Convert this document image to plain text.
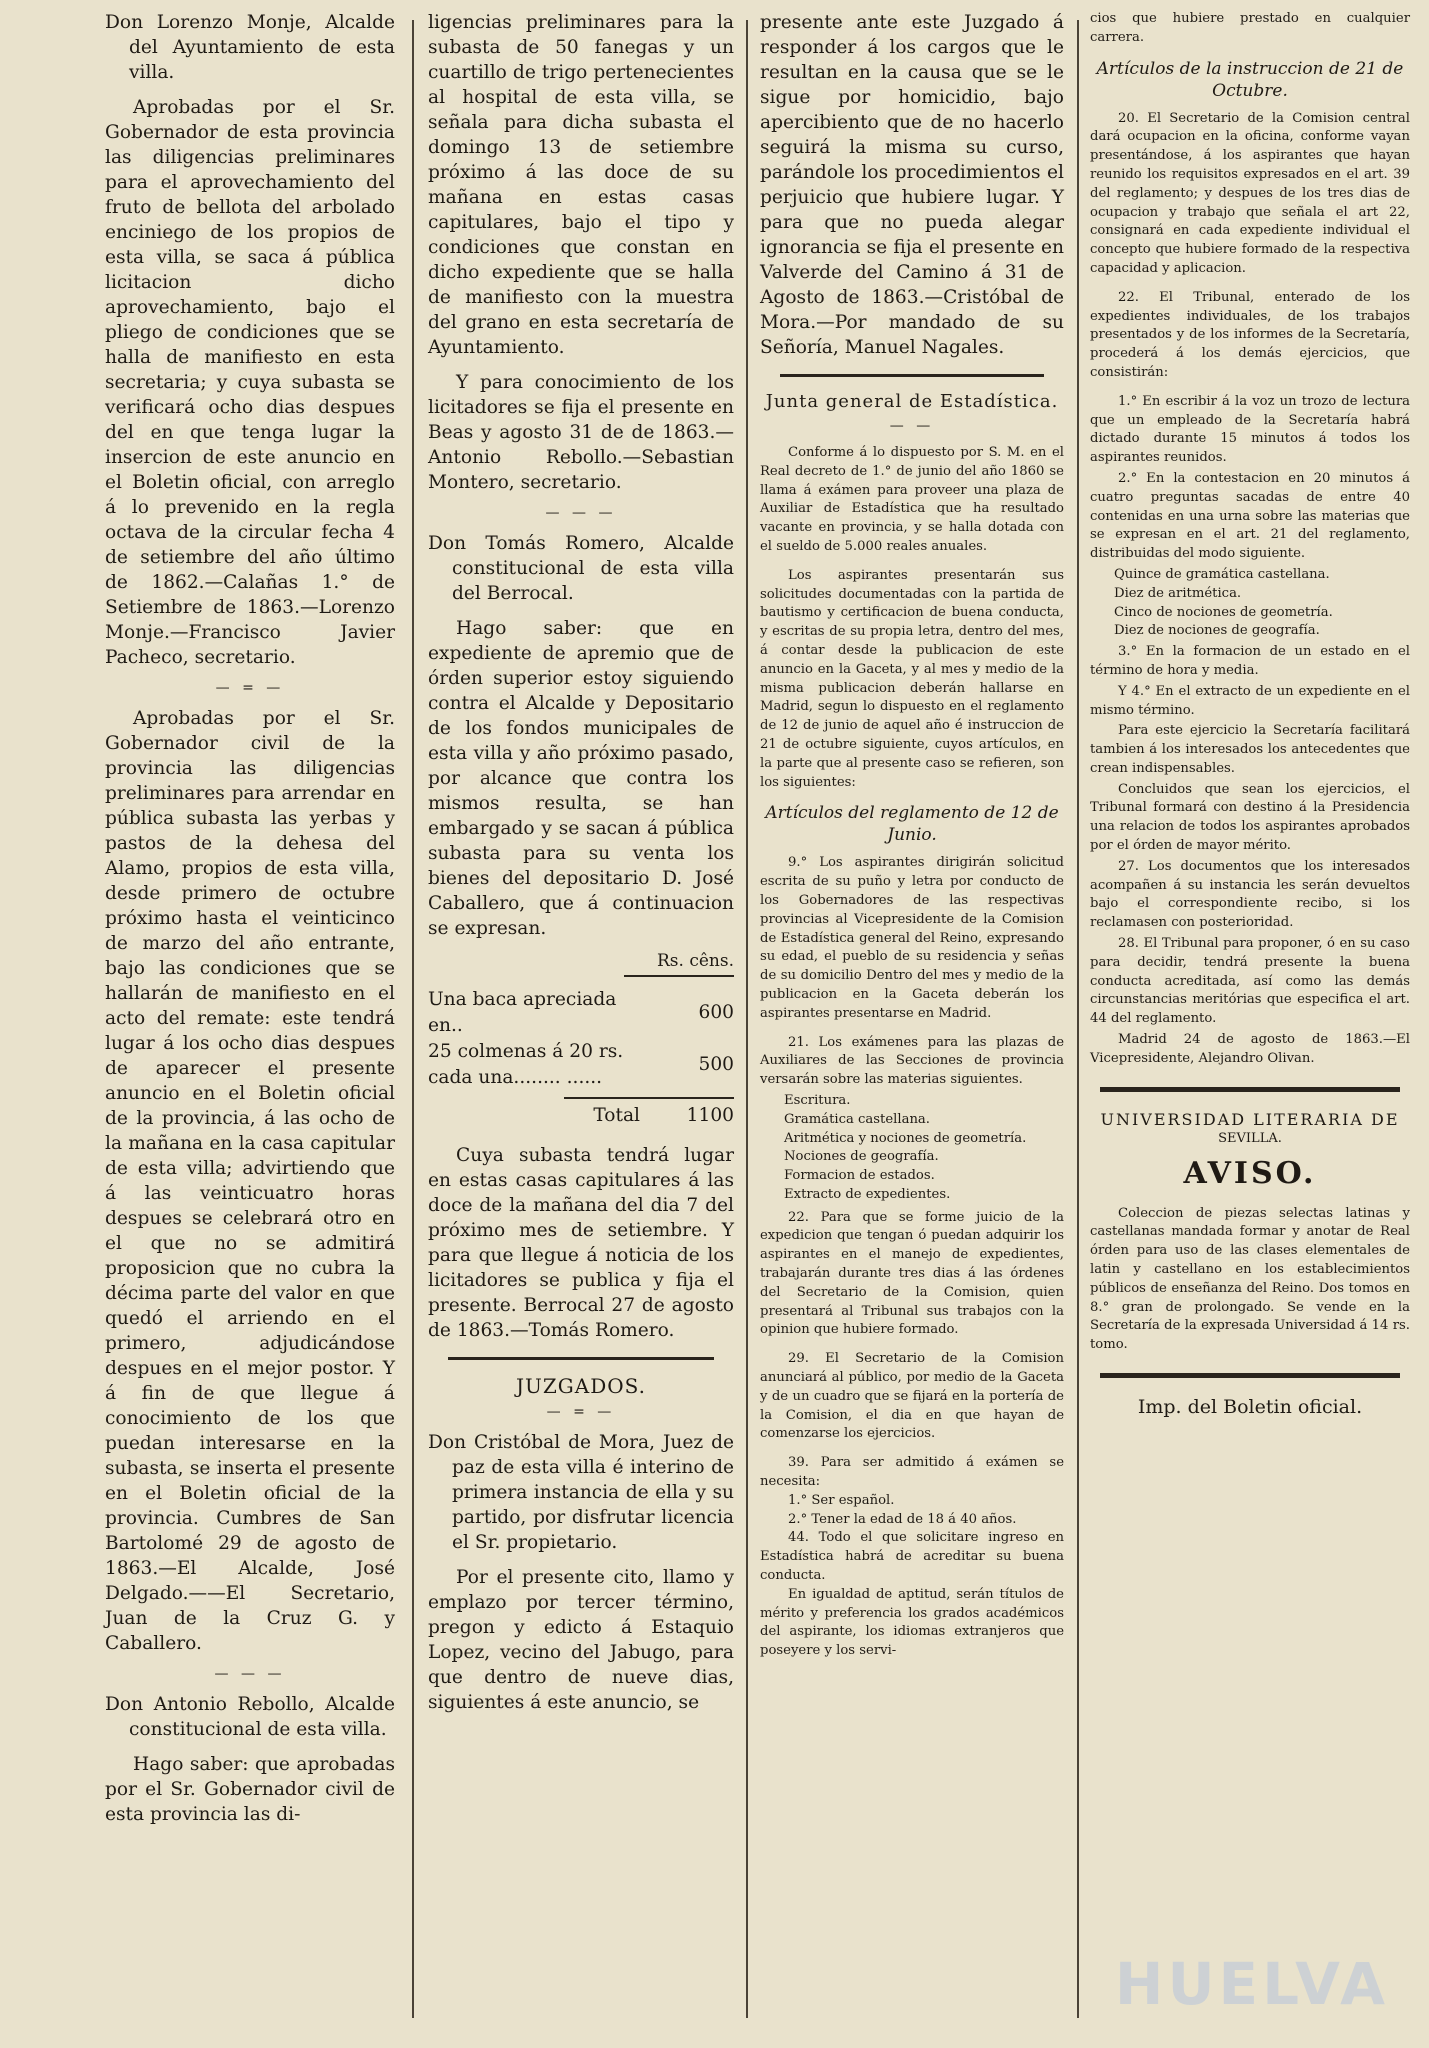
Don Lorenzo Monje, Alcalde del Ayuntamiento de esta villa.

Aprobadas por el Sr. Gobernador de esta provincia las diligencias preliminares para el aprovechamiento del fruto de bellota del arbolado enciniego de los propios de esta villa, se saca á pública licitacion dicho aprovechamiento, bajo el pliego de condiciones que se halla de manifiesto en esta secretaria; y cuya subasta se verificará ocho dias despues del en que tenga lugar la insercion de este anuncio en el Boletin oficial, con arreglo á lo prevenido en la regla octava de la circular fecha 4 de setiembre del año último de 1862.—Calañas 1.° de Setiembre de 1863.—Lorenzo Monje.—Francisco Javier Pacheco, secretario.

— = —

Aprobadas por el Sr. Gobernador civil de la provincia las diligencias preliminares para arrendar en pública subasta las yerbas y pastos de la dehesa del Alamo, propios de esta villa, desde primero de octubre próximo hasta el veinticinco de marzo del año entrante, bajo las condiciones que se hallarán de manifiesto en el acto del remate: este tendrá lugar á los ocho dias despues de aparecer el presente anuncio en el Boletin oficial de la provincia, á las ocho de la mañana en la casa capitular de esta villa; advirtiendo que á las veinticuatro horas despues se celebrará otro en el que no se admitirá proposicion que no cubra la décima parte del valor en que quedó el arriendo en el primero, adjudicándose despues en el mejor postor. Y á fin de que llegue á conocimiento de los que puedan interesarse en la subasta, se inserta el presente en el Boletin oficial de la provincia. Cumbres de San Bartolomé 29 de agosto de 1863.—El Alcalde, José Delgado.——El Secretario, Juan de la Cruz G. y Caballero.

— — —

Don Antonio Rebollo, Alcalde constitucional de esta villa.

Hago saber: que aprobadas por el Sr. Gobernador civil de esta provincia las di-

ligencias preliminares para la subasta de 50 fanegas y un cuartillo de trigo pertenecientes al hospital de esta villa, se señala para dicha subasta el domingo 13 de setiembre próximo á las doce de su mañana en estas casas capitulares, bajo el tipo y condiciones que constan en dicho expediente que se halla de manifiesto con la muestra del grano en esta secretaría de Ayuntamiento.

Y para conocimiento de los licitadores se fija el presente en Beas y agosto 31 de de 1863.—Antonio Rebollo.—Sebastian Montero, secretario.

— — —

Don Tomás Romero, Alcalde constitucional de esta villa del Berrocal.

Hago saber: que en expediente de apremio que de órden superior estoy siguiendo contra el Alcalde y Depositario de los fondos municipales de esta villa y año próximo pasado, por alcance que contra los mismos resulta, se han embargado y se sacan á pública subasta para su venta los bienes del depositario D. José Caballero, que á continuacion se expresan.

Rs. cêns.
Una baca apreciada en..	600
25 colmenas á 20 rs. cada una........ ......	500
Total	1100

Cuya subasta tendrá lugar en estas casas capitulares á las doce de la mañana del dia 7 del próximo mes de setiembre. Y para que llegue á noticia de los licitadores se publica y fija el presente. Berrocal 27 de agosto de 1863.—Tomás Romero.

JUZGADOS.
— = —

Don Cristóbal de Mora, Juez de paz de esta villa é interino de primera instancia de ella y su partido, por disfrutar licencia el Sr. propietario.

Por el presente cito, llamo y emplazo por tercer término, pregon y edicto á Estaquio Lopez, vecino del Jabugo, para que dentro de nueve dias, siguientes á este anuncio, se

presente ante este Juzgado á responder á los cargos que le resultan en la causa que se le sigue por homicidio, bajo apercibiento que de no hacerlo seguirá la misma su curso, parándole los procedimientos el perjuicio que hubiere lugar. Y para que no pueda alegar ignorancia se fija el presente en Valverde del Camino á 31 de Agosto de 1863.—Cristóbal de Mora.—Por mandado de su Señoría, Manuel Nagales.

Junta general de Estadística.
— —

Conforme á lo dispuesto por S. M. en el Real decreto de 1.° de junio del año 1860 se llama á exámen para proveer una plaza de Auxiliar de Estadística que ha resultado vacante en provincia, y se halla dotada con el sueldo de 5.000 reales anuales.

Los aspirantes presentarán sus solicitudes documentadas con la partida de bautismo y certificacion de buena conducta, y escritas de su propia letra, dentro del mes, á contar desde la publicacion de este anuncio en la Gaceta, y al mes y medio de la misma publicacion deberán hallarse en Madrid, segun lo dispuesto en el reglamento de 12 de junio de aquel año é instruccion de 21 de octubre siguiente, cuyos artículos, en la parte que al presente caso se refieren, son los siguientes:

Artículos del reglamento de 12 de Junio.

9.° Los aspirantes dirigirán solicitud escrita de su puño y letra por conducto de los Gobernadores de las respectivas provincias al Vicepresidente de la Comision de Estadística general del Reino, expresando su edad, el pueblo de su residencia y señas de su domicilio Dentro del mes y medio de la publicacion en la Gaceta deberán los aspirantes presentarse en Madrid.

21. Los exámenes para las plazas de Auxiliares de las Secciones de provincia versarán sobre las materias siguientes.

Escritura.

Gramática castellana.

Aritmética y nociones de geometría.

Nociones de geografía.

Formacion de estados.

Extracto de expedientes.

22. Para que se forme juicio de la expedicion que tengan ó puedan adquirir los aspirantes en el manejo de expedientes, trabajarán durante tres dias á las órdenes del Secretario de la Comision, quien presentará al Tribunal sus trabajos con la opinion que hubiere formado.

29. El Secretario de la Comision anunciará al público, por medio de la Gaceta y de un cuadro que se fijará en la portería de la Comision, el dia en que hayan de comenzarse los ejercicios.

39. Para ser admitido á exámen se necesita:

1.° Ser español.

2.° Tener la edad de 18 á 40 años.

44. Todo el que solicitare ingreso en Estadística habrá de acreditar su buena conducta.

En igualdad de aptitud, serán títulos de mérito y preferencia los grados académicos del aspirante, los idiomas extranjeros que poseyere y los servi-

cios que hubiere prestado en cualquier carrera.

Artículos de la instruccion de 21 de Octubre.

20. El Secretario de la Comision central dará ocupacion en la oficina, conforme vayan presentándose, á los aspirantes que hayan reunido los requisitos expresados en el art. 39 del reglamento; y despues de los tres dias de ocupacion y trabajo que señala el art 22, consignará en cada expediente individual el concepto que hubiere formado de la respectiva capacidad y aplicacion.

22. El Tribunal, enterado de los expedientes individuales, de los trabajos presentados y de los informes de la Secretaría, procederá á los demás ejercicios, que consistirán:

1.° En escribir á la voz un trozo de lectura que un empleado de la Secretaría habrá dictado durante 15 minutos á todos los aspirantes reunidos.

2.° En la contestacion en 20 minutos á cuatro preguntas sacadas de entre 40 contenidas en una urna sobre las materias que se expresan en el art. 21 del reglamento, distribuidas del modo siguiente.

Quince de gramática castellana.

Diez de aritmética.

Cinco de nociones de geometría.

Diez de nociones de geografía.

3.° En la formacion de un estado en el término de hora y media.

Y 4.° En el extracto de un expediente en el mismo término.

Para este ejercicio la Secretaría facilitará tambien á los interesados los antecedentes que crean indispensables.

Concluidos que sean los ejercicios, el Tribunal formará con destino á la Presidencia una relacion de todos los aspirantes aprobados por el órden de mayor mérito.

27. Los documentos que los interesados acompañen á su instancia les serán devueltos bajo el correspondiente recibo, si los reclamasen con posterioridad.

28. El Tribunal para proponer, ó en su caso para decidir, tendrá presente la buena conducta acreditada, así como las demás circunstancias meritórias que especifica el art. 44 del reglamento.

Madrid 24 de agosto de 1863.—El Vicepresidente, Alejandro Olivan.

UNIVERSIDAD LITERARIA DE
SEVILLA.
AVISO.

Coleccion de piezas selectas latinas y castellanas mandada formar y anotar de Real órden para uso de las clases elementales de latin y castellano en los establecimientos públicos de enseñanza del Reino. Dos tomos en 8.° gran de prolongado. Se vende en la Secretaría de la expresada Universidad á 14 rs. tomo.

Imp. del Boletin oficial.
HUELVA
